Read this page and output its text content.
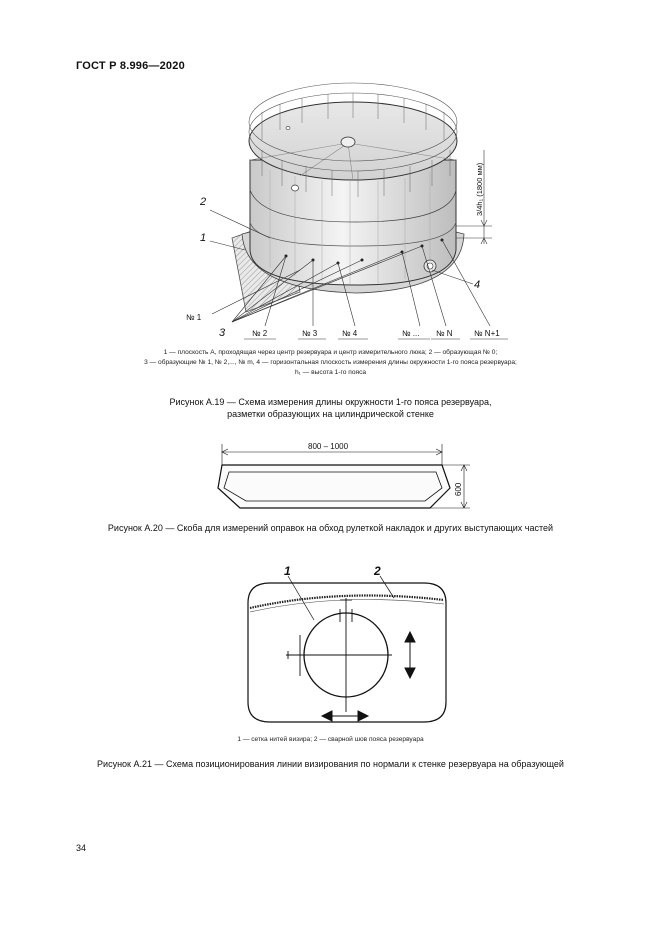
ГОСТ Р 8.996—2020
3/4h₁ (1800 мм)
2
1
3
4
№ 1
№ 2	№ 3	№ 4	№ ... № N	№ N+1
800 – 1000
600
1	2
1 — плоскость A, проходящая через центр резервуара и центр измерительного люка; 2 — образующая № 0;
3 — образующие № 1, № 2,..., № m, 4 — горизонтальная плоскость измерения длины окружности 1-го пояса резервуара;
h₁ — высота 1-го пояса
Рисунок А.19 — Схема измерения длины окружности 1-го пояса резервуара,
разметки образующих на цилиндрической стенке
Рисунок А.20 — Скоба для измерений оправок на обход рулеткой накладок и других выступающих частей
1 — сетка нитей визира; 2 — сварной шов пояса резервуара
Рисунок А.21 — Схема позиционирования линии визирования по нормали к стенке резервуара на образующей
34
